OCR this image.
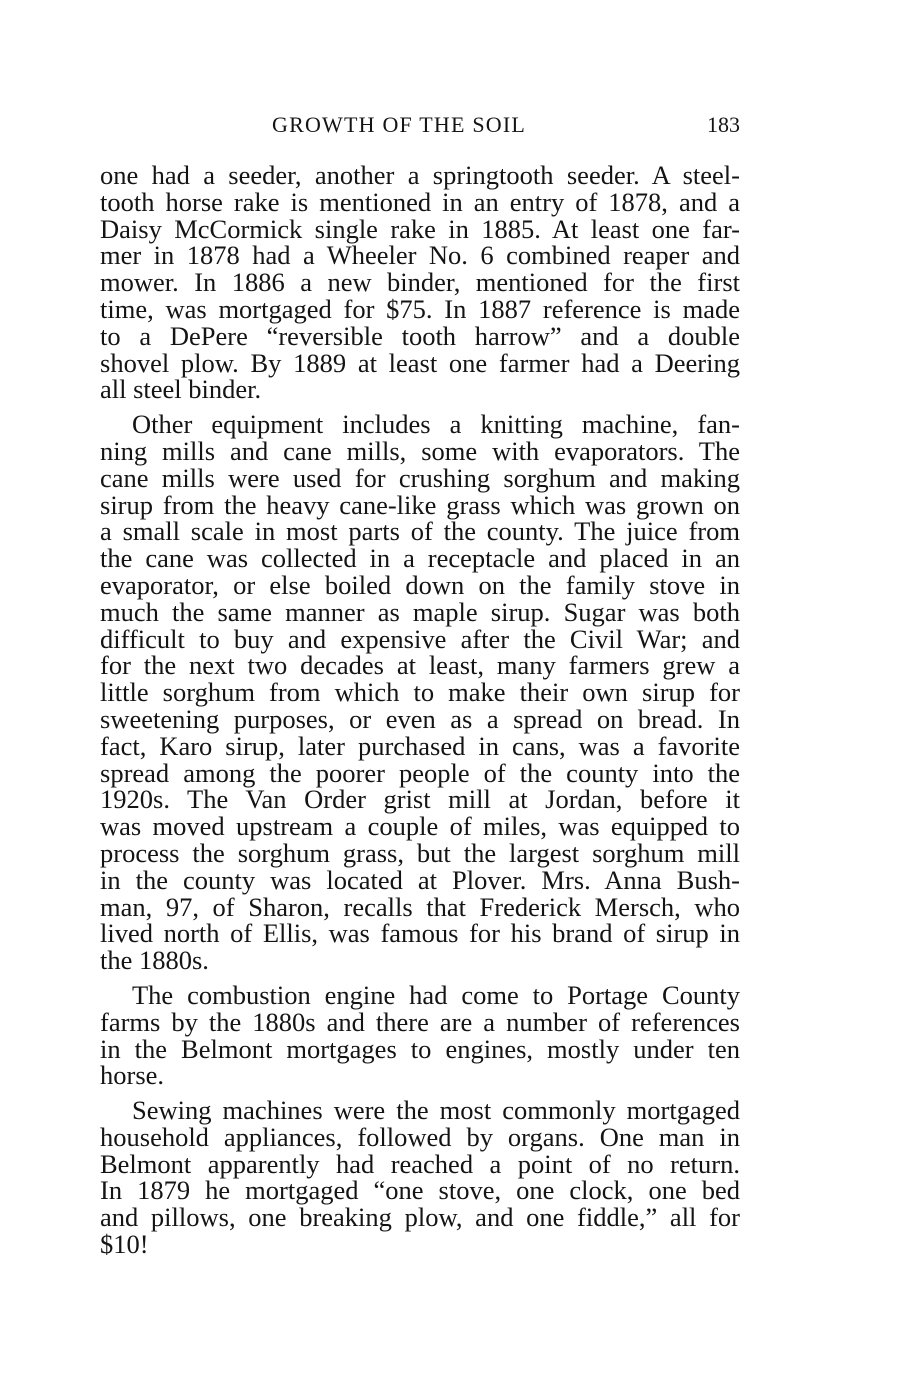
GROWTH OF THE SOIL	183
one had a seeder, another a springtooth seeder. A steel-
tooth horse rake is mentioned in an entry of 1878, and a
Daisy McCormick single rake in 1885. At least one far-
mer in 1878 had a Wheeler No. 6 combined reaper and
mower. In 1886 a new binder, mentioned for the first
time, was mortgaged for $75. In 1887 reference is made
to a DePere “reversible tooth harrow” and a double
shovel plow. By 1889 at least one farmer had a Deering
all steel binder.
Other equipment includes a knitting machine, fan-
ning mills and cane mills, some with evaporators. The
cane mills were used for crushing sorghum and making
sirup from the heavy cane-like grass which was grown on
a small scale in most parts of the county. The juice from
the cane was collected in a receptacle and placed in an
evaporator, or else boiled down on the family stove in
much the same manner as maple sirup. Sugar was both
difficult to buy and expensive after the Civil War; and
for the next two decades at least, many farmers grew a
little sorghum from which to make their own sirup for
sweetening purposes, or even as a spread on bread. In
fact, Karo sirup, later purchased in cans, was a favorite
spread among the poorer people of the county into the
1920s. The Van Order grist mill at Jordan, before it
was moved upstream a couple of miles, was equipped to
process the sorghum grass, but the largest sorghum mill
in the county was located at Plover. Mrs. Anna Bush-
man, 97, of Sharon, recalls that Frederick Mersch, who
lived north of Ellis, was famous for his brand of sirup in
the 1880s.
The combustion engine had come to Portage County
farms by the 1880s and there are a number of references
in the Belmont mortgages to engines, mostly under ten
horse.
Sewing machines were the most commonly mortgaged
household appliances, followed by organs. One man in
Belmont apparently had reached a point of no return.
In 1879 he mortgaged “one stove, one clock, one bed
and pillows, one breaking plow, and one fiddle,” all for
$10!
